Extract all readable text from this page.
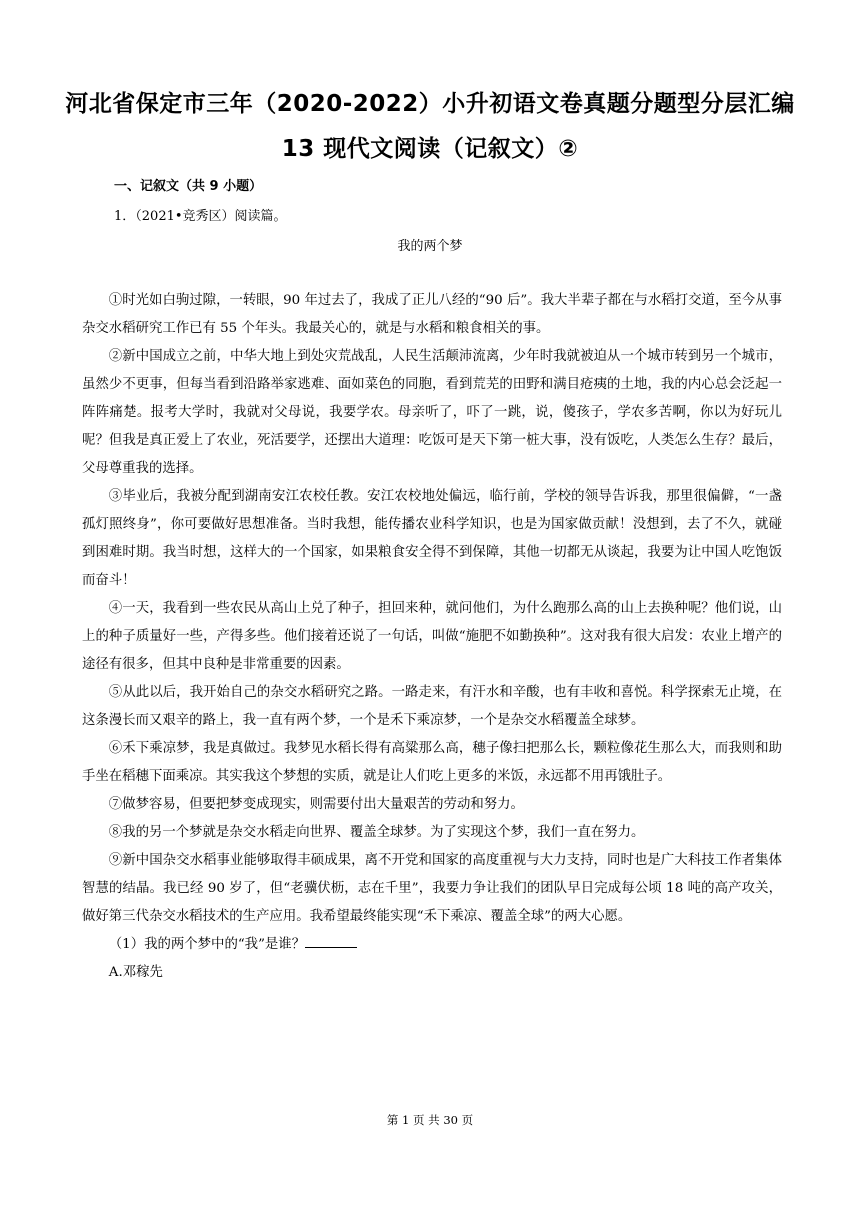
河北省保定市三年（2020-2022）小升初语文卷真题分题型分层汇编
13 现代文阅读（记叙文）②
一、记叙文（共 9 小题）
1．（2021•竞秀区）阅读篇。
我的两个梦

①时光如白驹过隙，一转眼，90 年过去了，我成了正儿八经的“90 后”。我大半辈子都在与水稻打交道，至今从事杂交水稻研究工作已有 55 个年头。我最关心的，就是与水稻和粮食相关的事。

②新中国成立之前，中华大地上到处灾荒战乱，人民生活颠沛流离，少年时我就被迫从一个城市转到另一个城市，虽然少不更事，但每当看到沿路举家逃难、面如菜色的同胞，看到荒芜的田野和满目疮痍的土地，我的内心总会泛起一阵阵痛楚。报考大学时，我就对父母说，我要学农。母亲听了，吓了一跳，说，傻孩子，学农多苦啊，你以为好玩儿呢？但我是真正爱上了农业，死活要学，还摆出大道理：吃饭可是天下第一桩大事，没有饭吃，人类怎么生存？最后，父母尊重我的选择。

③毕业后，我被分配到湖南安江农校任教。安江农校地处偏远，临行前，学校的领导告诉我，那里很偏僻，“一盏孤灯照终身”，你可要做好思想准备。当时我想，能传播农业科学知识，也是为国家做贡献！没想到，去了不久，就碰到困难时期。我当时想，这样大的一个国家，如果粮食安全得不到保障，其他一切都无从谈起，我要为让中国人吃饱饭而奋斗！

④一天，我看到一些农民从高山上兑了种子，担回来种，就问他们，为什么跑那么高的山上去换种呢？他们说，山上的种子质量好一些，产得多些。他们接着还说了一句话，叫做“施肥不如勤换种”。这对我有很大启发：农业上增产的途径有很多，但其中良种是非常重要的因素。

⑤从此以后，我开始自己的杂交水稻研究之路。一路走来，有汗水和辛酸，也有丰收和喜悦。科学探索无止境，在这条漫长而又艰辛的路上，我一直有两个梦，一个是禾下乘凉梦，一个是杂交水稻覆盖全球梦。

⑥禾下乘凉梦，我是真做过。我梦见水稻长得有高粱那么高，穗子像扫把那么长，颗粒像花生那么大，而我则和助手坐在稻穗下面乘凉。其实我这个梦想的实质，就是让人们吃上更多的米饭，永远都不用再饿肚子。

⑦做梦容易，但要把梦变成现实，则需要付出大量艰苦的劳动和努力。

⑧我的另一个梦就是杂交水稻走向世界、覆盖全球梦。为了实现这个梦，我们一直在努力。

⑨新中国杂交水稻事业能够取得丰硕成果，离不开党和国家的高度重视与大力支持，同时也是广大科技工作者集体智慧的结晶。我已经 90 岁了，但“老骥伏枥，志在千里”，我要力争让我们的团队早日完成每公顷 18 吨的高产攻关，做好第三代杂交水稻技术的生产应用。我希望最终能实现“禾下乘凉、覆盖全球”的两大心愿。

（1）我的两个梦中的“我”是谁？

A.邓稼先

第 1 页 共 30 页
